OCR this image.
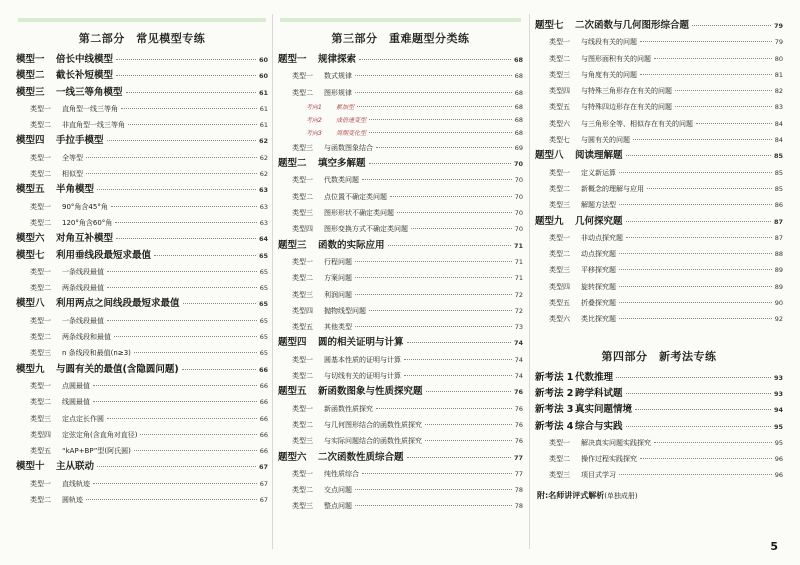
第二部分　常见模型专练
模型一 倍长中线模型	60
模型二 截长补短模型	60
模型三 一线三等角模型	61
类型一 直角型一线三等角	61
类型二 非直角型一线三等角	61
模型四 手拉手模型	62
类型一 全等型	62
类型二 相似型	62
模型五 半角模型	63
类型一 90°角含45°角	63
类型二 120°角含60°角	63
模型六 对角互补模型	64
模型七 利用垂线段最短求最值	65
类型一 一条线段最值	65
类型二 两条线段最值	65
模型八 利用两点之间线段最短求最值	65
类型一 一条线段最值	65
类型二 两条线段和最值	65
类型三 n 条线段和最值(n≥3)	65
模型九 与圆有关的最值(含隐圆问题)	66
类型一 点圆最值	66
类型二 线圆最值	66
类型三 定点定长作圆	66
类型四 定弦定角(含直角对直径)	66
类型五 “kAP+BP”型(阿氏圆)	66
模型十 主从联动	67
类型一 直线轨迹	67
类型二 圆轨迹	67
第三部分　重难题型分类练
题型一 规律探索	68
类型一 数式规律	68
类型二 图形规律	68
考向1 累加型	68
考向2 成倍递变型	68
考向3 周期变化型	68
类型三 与函数图象结合	69
题型二 填空多解题	70
类型一 代数类问题	70
类型二 点位置不确定类问题	70
类型三 图形形状不确定类问题	70
类型四 图形变换方式不确定类问题	70
题型三 函数的实际应用	71
类型一 行程问题	71
类型二 方案问题	71
类型三 利润问题	72
类型四 抛物线型问题	72
类型五 其他类型	73
题型四 圆的相关证明与计算	74
类型一 圆基本性质的证明与计算	74
类型二 与切线有关的证明与计算	74
题型五 新函数图象与性质探究题	76
类型一 新函数性质探究	76
类型二 与几何图形结合的函数性质探究	76
类型三 与实际问题结合的函数性质探究	76
题型六 二次函数性质综合题	77
类型一 纯性质综合	77
类型二 交点问题	78
类型三 整点问题	78
题型七 二次函数与几何图形综合题	79
类型一 与线段有关的问题	79
类型二 与图形面积有关的问题	80
类型三 与角度有关的问题	81
类型四 与特殊三角形存在有关的问题	82
类型五 与特殊四边形存在有关的问题	83
类型六 与三角形全等、相似存在有关的问题	84
类型七 与圆有关的问题	84
题型八 阅读理解题	85
类型一 定义新运算	85
类型二 新概念的理解与应用	85
类型三 解题方法型	86
题型九 几何探究题	87
类型一 非动点探究题	87
类型二 动点探究题	88
类型三 平移探究题	89
类型四 旋转探究题	89
类型五 折叠探究题	90
类型六 类比探究题	92
第四部分　新考法专练
新考法 1 代数推理	93
新考法 2 跨学科试题	93
新考法 3 真实问题情境	94
新考法 4 综合与实践	95
类型一 解决真实问题实践探究	95
类型二 操作过程实践探究	96
类型三 项目式学习	96
附:名师讲评式解析(单独成册)
5
